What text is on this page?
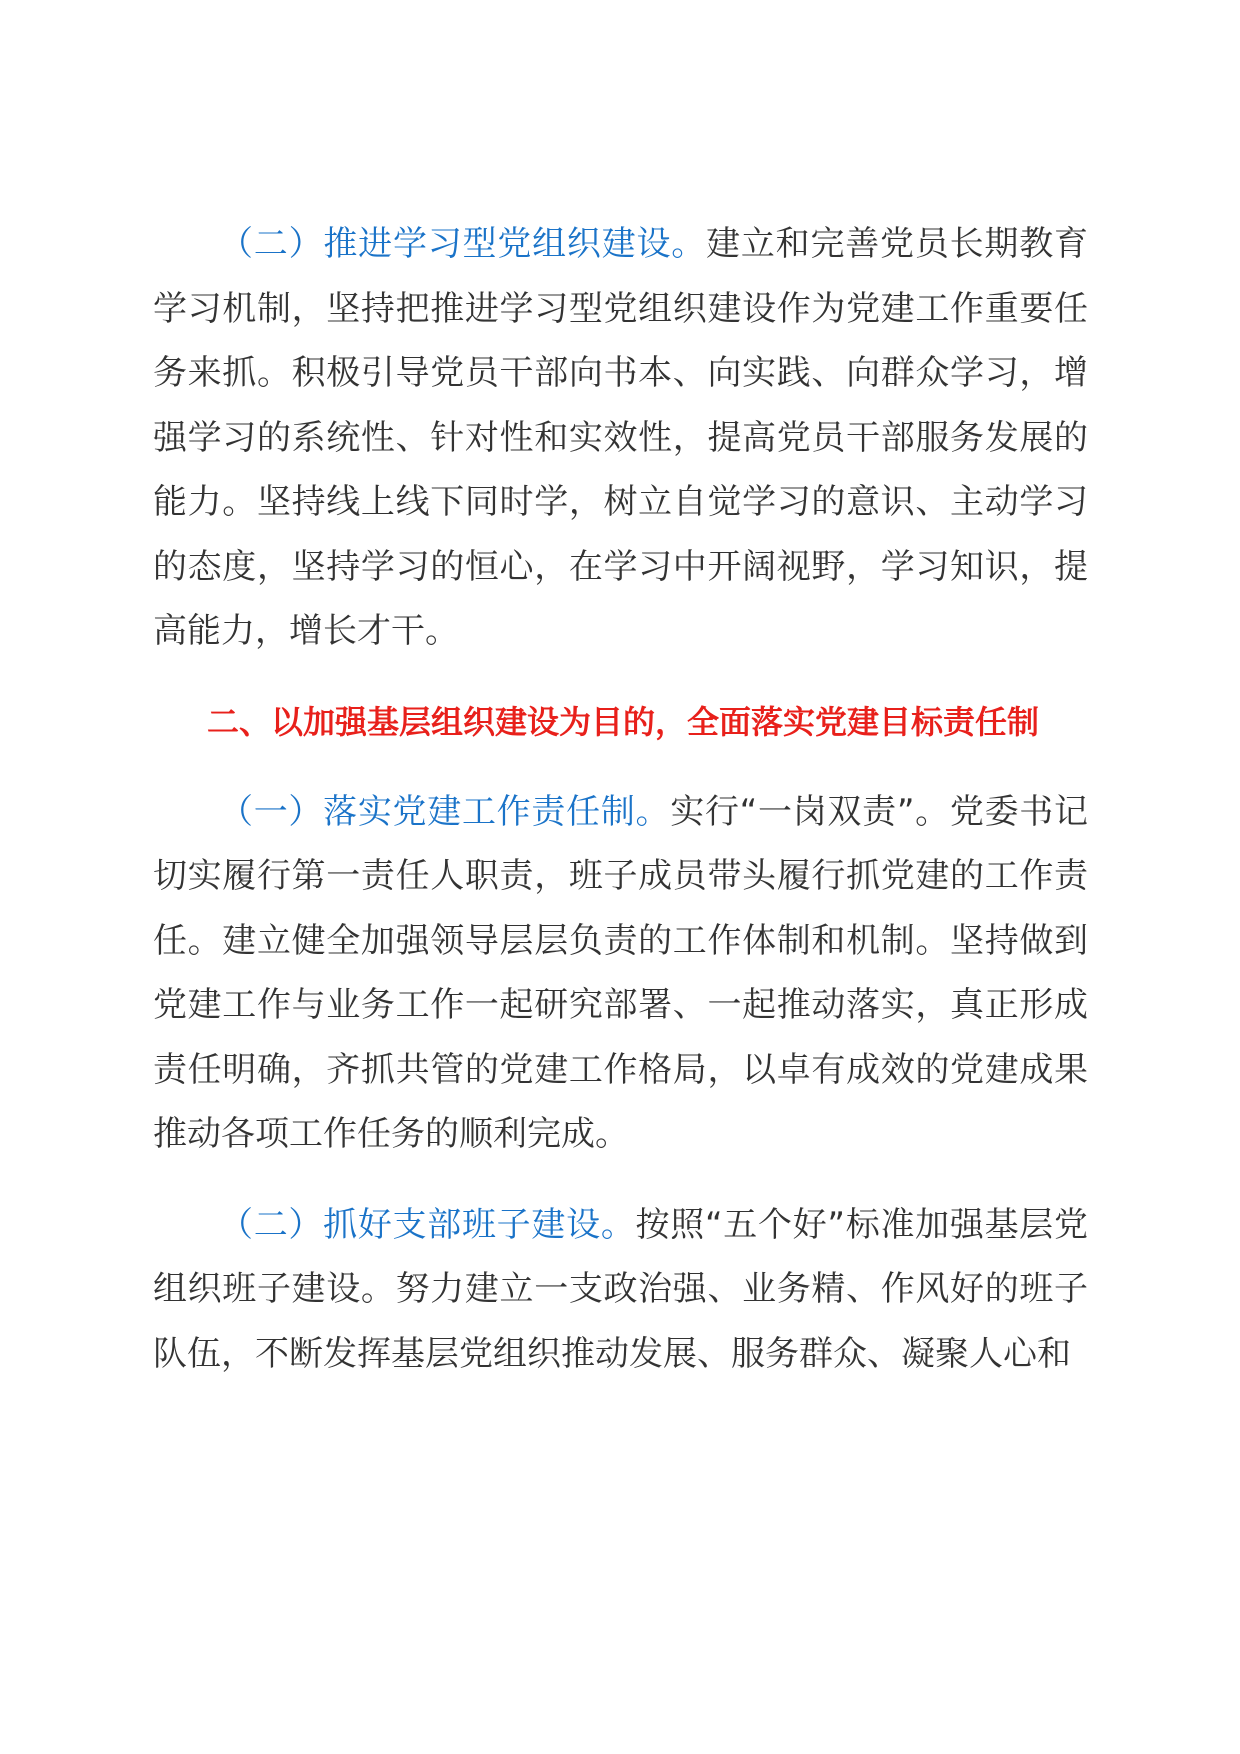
（二）推进学习型党组织建设。建立和完善党员长期教育学习机制，坚持把推进学习型党组织建设作为党建工作重要任务来抓。积极引导党员干部向书本、向实践、向群众学习，增强学习的系统性、针对性和实效性，提高党员干部服务发展的能力。坚持线上线下同时学，树立自觉学习的意识、主动学习的态度，坚持学习的恒心，在学习中开阔视野，学习知识，提高能力，增长才干。

二、以加强基层组织建设为目的，全面落实党建目标责任制

（一）落实党建工作责任制。实行“一岗双责”。党委书记切实履行第一责任人职责，班子成员带头履行抓党建的工作责任。建立健全加强领导层层负责的工作体制和机制。坚持做到党建工作与业务工作一起研究部署、一起推动落实，真正形成责任明确，齐抓共管的党建工作格局，以卓有成效的党建成果推动各项工作任务的顺利完成。

（二）抓好支部班子建设。按照“五个好”标准加强基层党组织班子建设。努力建立一支政治强、业务精、作风好的班子队伍，不断发挥基层党组织推动发展、服务群众、凝聚人心和
